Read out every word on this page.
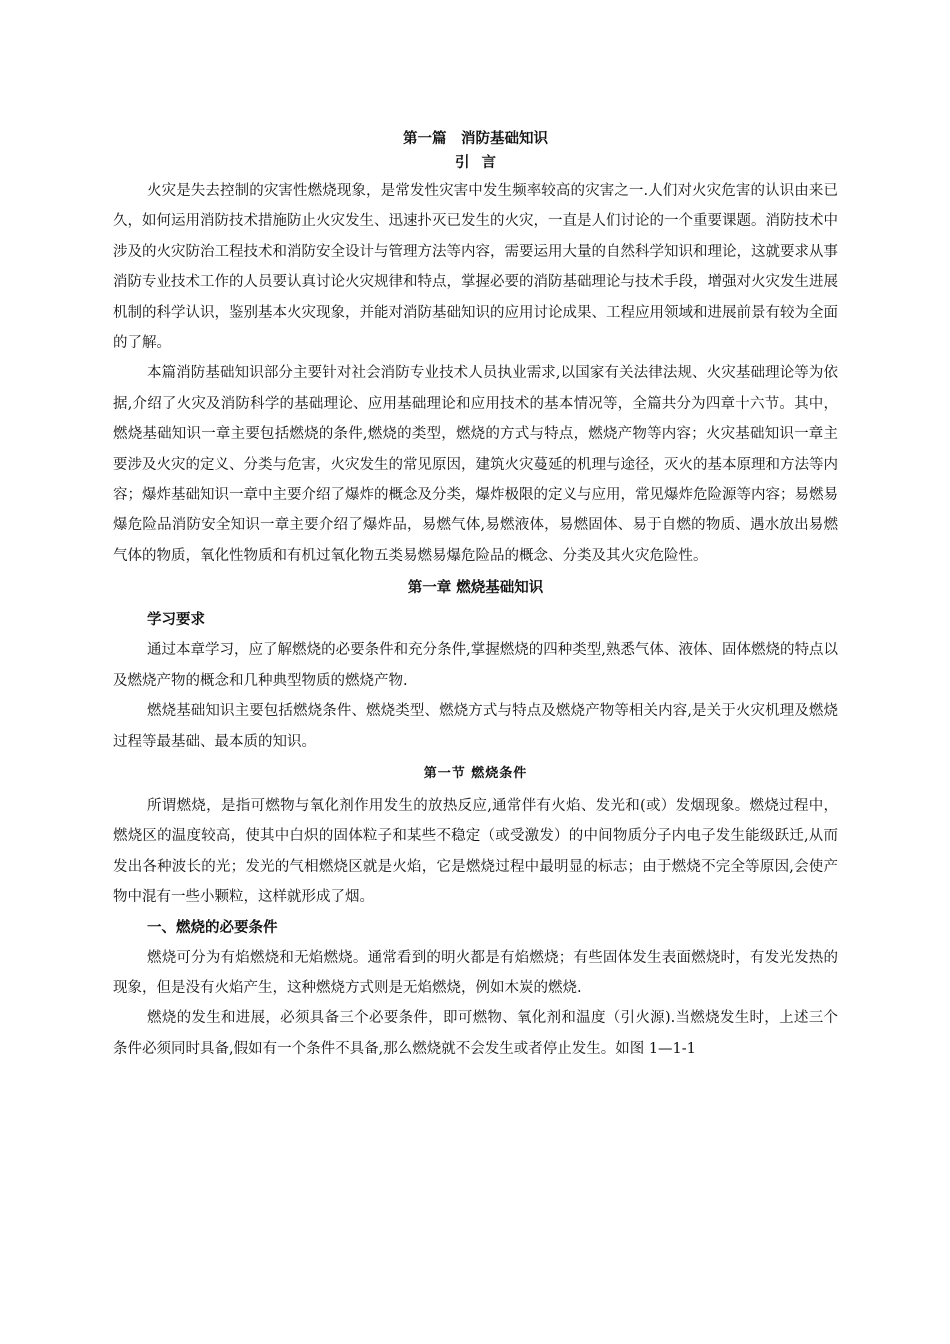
第一篇　消防基础知识
引言

火灾是失去控制的灾害性燃烧现象，是常发性灾害中发生频率较高的灾害之一.人们对火灾危害的认识由来已久，如何运用消防技术措施防止火灾发生、迅速扑灭已发生的火灾，一直是人们讨论的一个重要课题。消防技术中涉及的火灾防治工程技术和消防安全设计与管理方法等内容，需要运用大量的自然科学知识和理论，这就要求从事消防专业技术工作的人员要认真讨论火灾规律和特点，掌握必要的消防基础理论与技术手段，增强对火灾发生进展机制的科学认识，鉴别基本火灾现象，并能对消防基础知识的应用讨论成果、工程应用领域和进展前景有较为全面的了解。

本篇消防基础知识部分主要针对社会消防专业技术人员执业需求,以国家有关法律法规、火灾基础理论等为依据,介绍了火灾及消防科学的基础理论、应用基础理论和应用技术的基本情况等，全篇共分为四章十六节。其中，燃烧基础知识一章主要包括燃烧的条件,燃烧的类型，燃烧的方式与特点，燃烧产物等内容；火灾基础知识一章主要涉及火灾的定义、分类与危害，火灾发生的常见原因，建筑火灾蔓延的机理与途径，灭火的基本原理和方法等内容；爆炸基础知识一章中主要介绍了爆炸的概念及分类，爆炸极限的定义与应用，常见爆炸危险源等内容；易燃易爆危险品消防安全知识一章主要介绍了爆炸品，易燃气体,易燃液体，易燃固体、易于自燃的物质、遇水放出易燃气体的物质，氧化性物质和有机过氧化物五类易燃易爆危险品的概念、分类及其火灾危险性。

第一章 燃烧基础知识
学习要求

通过本章学习，应了解燃烧的必要条件和充分条件,掌握燃烧的四种类型,熟悉气体、液体、固体燃烧的特点以及燃烧产物的概念和几种典型物质的燃烧产物.

燃烧基础知识主要包括燃烧条件、燃烧类型、燃烧方式与特点及燃烧产物等相关内容,是关于火灾机理及燃烧过程等最基础、最本质的知识。

第一节 燃烧条件

所谓燃烧，是指可燃物与氧化剂作用发生的放热反应,通常伴有火焰、发光和(或）发烟现象。燃烧过程中，燃烧区的温度较高，使其中白炽的固体粒子和某些不稳定（或受激发）的中间物质分子内电子发生能级跃迁,从而发出各种波长的光；发光的气相燃烧区就是火焰，它是燃烧过程中最明显的标志；由于燃烧不完全等原因,会使产物中混有一些小颗粒，这样就形成了烟。

一、燃烧的必要条件

燃烧可分为有焰燃烧和无焰燃烧。通常看到的明火都是有焰燃烧；有些固体发生表面燃烧时，有发光发热的现象，但是没有火焰产生，这种燃烧方式则是无焰燃烧，例如木炭的燃烧.

燃烧的发生和进展，必须具备三个必要条件，即可燃物、氧化剂和温度（引火源).当燃烧发生时，上述三个条件必须同时具备,假如有一个条件不具备,那么燃烧就不会发生或者停止发生。如图 1—1-1
